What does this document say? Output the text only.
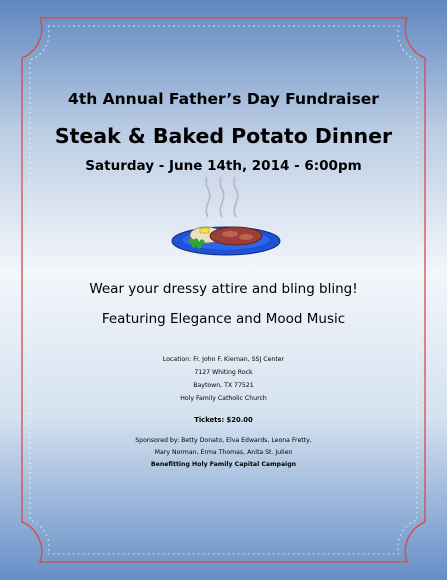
4th Annual Father’s Day Fundraiser
Steak & Baked Potato Dinner
Saturday - June 14th, 2014 - 6:00pm
Wear your dressy attire and bling bling!
Featuring Elegance and Mood Music
Location: Fr. John F. Kiernan, SSJ Center
7127 Whiting Rock
Baytown, TX 77521
Holy Family Catholic Church
Tickets: $20.00
Sponsored by: Betty Donato, Elva Edwards, Leona Fretty,
Mary Norman, Erma Thomas, Anita St. Julien
Benefitting Holy Family Capital Campaign
